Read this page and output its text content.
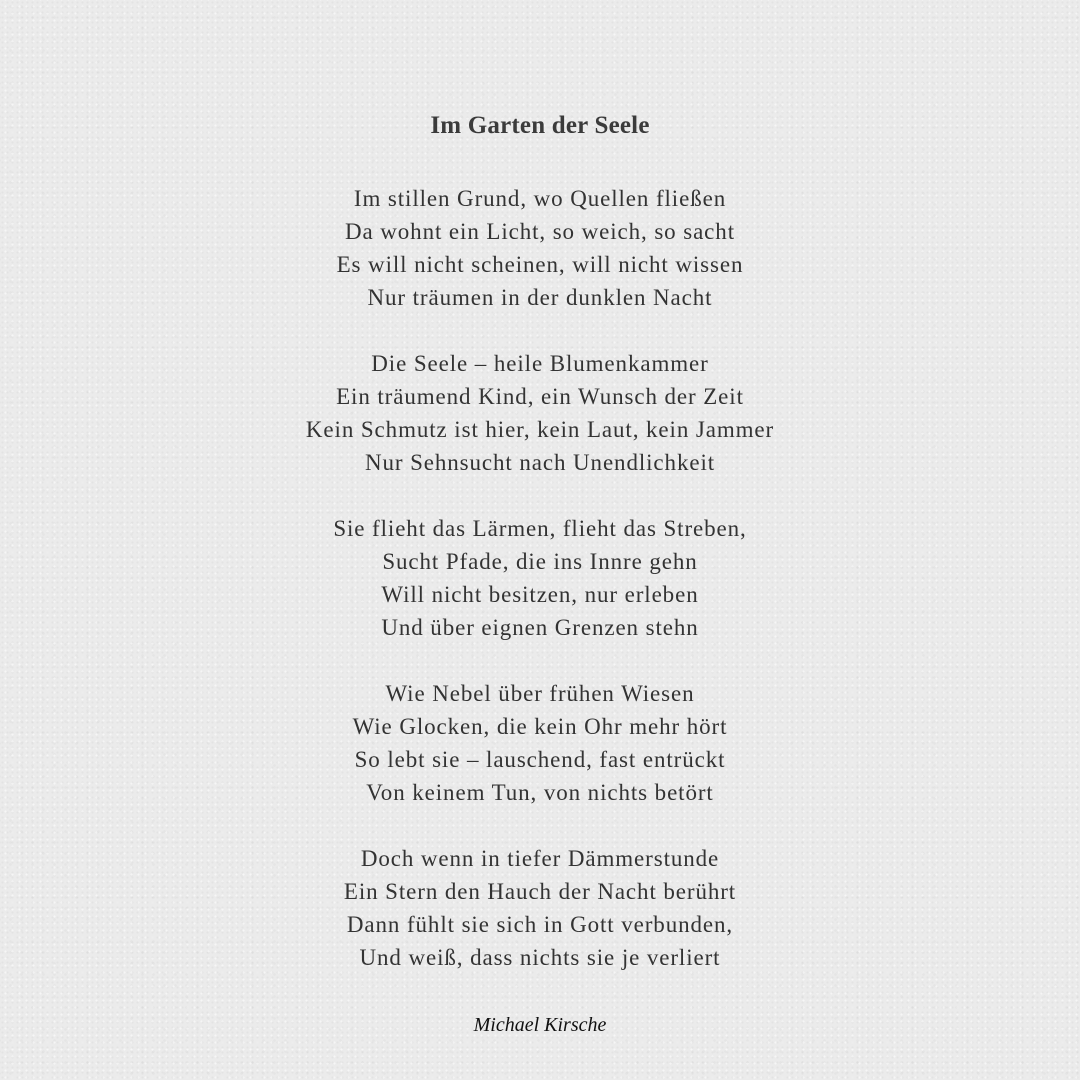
Im Garten der Seele
Im stillen Grund, wo Quellen fließen
Da wohnt ein Licht, so weich, so sacht
Es will nicht scheinen, will nicht wissen
Nur träumen in der dunklen Nacht
Die Seele – heile Blumenkammer
Ein träumend Kind, ein Wunsch der Zeit
Kein Schmutz ist hier, kein Laut, kein Jammer
Nur Sehnsucht nach Unendlichkeit
Sie flieht das Lärmen, flieht das Streben,
Sucht Pfade, die ins Innre gehn
Will nicht besitzen, nur erleben
Und über eignen Grenzen stehn
Wie Nebel über frühen Wiesen
Wie Glocken, die kein Ohr mehr hört
So lebt sie – lauschend, fast entrückt
Von keinem Tun, von nichts betört
Doch wenn in tiefer Dämmerstunde
Ein Stern den Hauch der Nacht berührt
Dann fühlt sie sich in Gott verbunden,
Und weiß, dass nichts sie je verliert
Michael Kirsche
